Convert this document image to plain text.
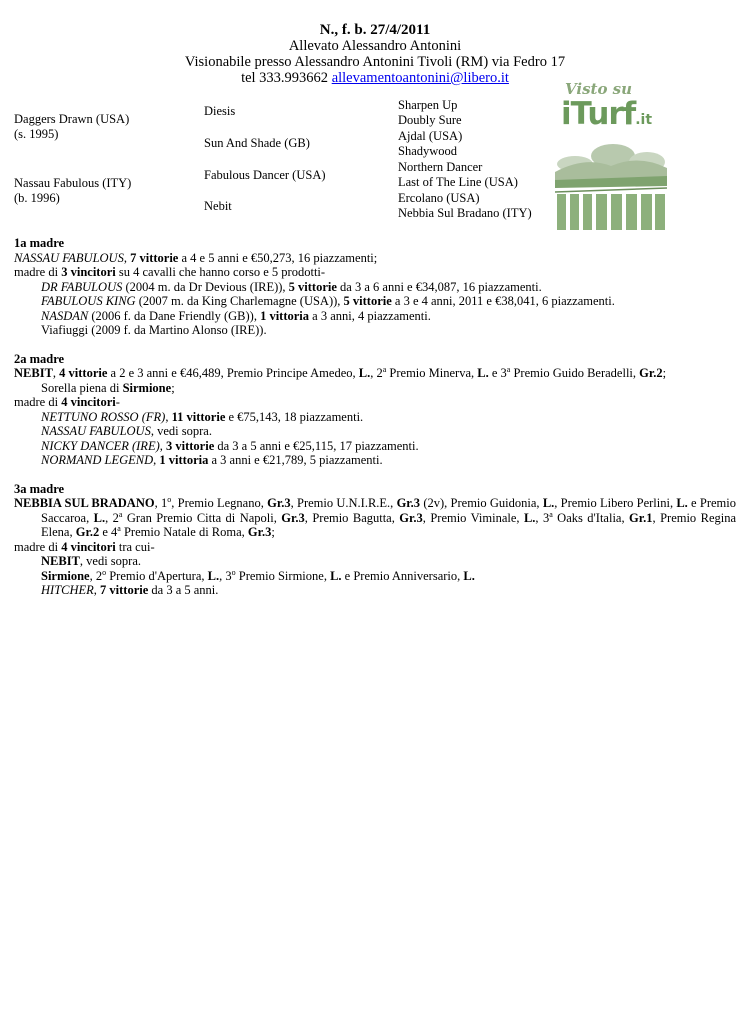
N., f. b. 27/4/2011
Allevato Alessandro Antonini
Visionabile presso Alessandro Antonini Tivoli (RM) via Fedro 17
tel 333.993662 allevamentoantonini@libero.it
Daggers Drawn (USA)
(s. 1995)
Nassau Fabulous (ITY)
(b. 1996)
Diesis
Sun And Shade (GB)
Fabulous Dancer (USA)
Nebit
Sharpen Up
Doubly Sure
Ajdal (USA)
Shadywood
Northern Dancer
Last of The Line (USA)
Ercolano (USA)
Nebbia Sul Bradano (ITY)
Visto su
iTurf.it
1a madre
NASSAU FABULOUS, 7 vittorie a 4 e 5 anni e €50,273, 16 piazzamenti;
madre di 3 vincitori su 4 cavalli che hanno corso e 5 prodotti-
DR FABULOUS (2004 m. da Dr Devious (IRE)), 5 vittorie da 3 a 6 anni e €34,087, 16 piazzamenti.
FABULOUS KING (2007 m. da King Charlemagne (USA)), 5 vittorie a 3 e 4 anni, 2011 e €38,041, 6 piazzamenti.
NASDAN (2006 f. da Dane Friendly (GB)), 1 vittoria a 3 anni, 4 piazzamenti.
Viafiuggi (2009 f. da Martino Alonso (IRE)).
2a madre
NEBIT, 4 vittorie a 2 e 3 anni e €46,489, Premio Principe Amedeo, L., 2$^a$ Premio Minerva, L. e 3$^a$ Premio Guido Beradelli, Gr.2;
Sorella piena di Sirmione;
madre di 4 vincitori-
NETTUNO ROSSO (FR), 11 vittorie e €75,143, 18 piazzamenti.
NASSAU FABULOUS, vedi sopra.
NICKY DANCER (IRE), 3 vittorie da 3 a 5 anni e €25,115, 17 piazzamenti.
NORMAND LEGEND, 1 vittoria a 3 anni e €21,789, 5 piazzamenti.
3a madre
NEBBIA SUL BRADANO, 1$^o$, Premio Legnano, Gr.3, Premio U.N.I.R.E., Gr.3 (2v), Premio Guidonia, L., Premio Libero Perlini, L. e Premio Saccaroa, L., 2$^a$ Gran Premio Citta di Napoli, Gr.3, Premio Bagutta, Gr.3, Premio Viminale, L., 3$^a$ Oaks d'Italia, Gr.1, Premio Regina Elena, Gr.2 e 4$^a$ Premio Natale di Roma, Gr.3;
madre di 4 vincitori tra cui-
NEBIT, vedi sopra.
Sirmione, 2$^o$ Premio d'Apertura, L., 3$^o$ Premio Sirmione, L. e Premio Anniversario, L.
HITCHER, 7 vittorie da 3 a 5 anni.
